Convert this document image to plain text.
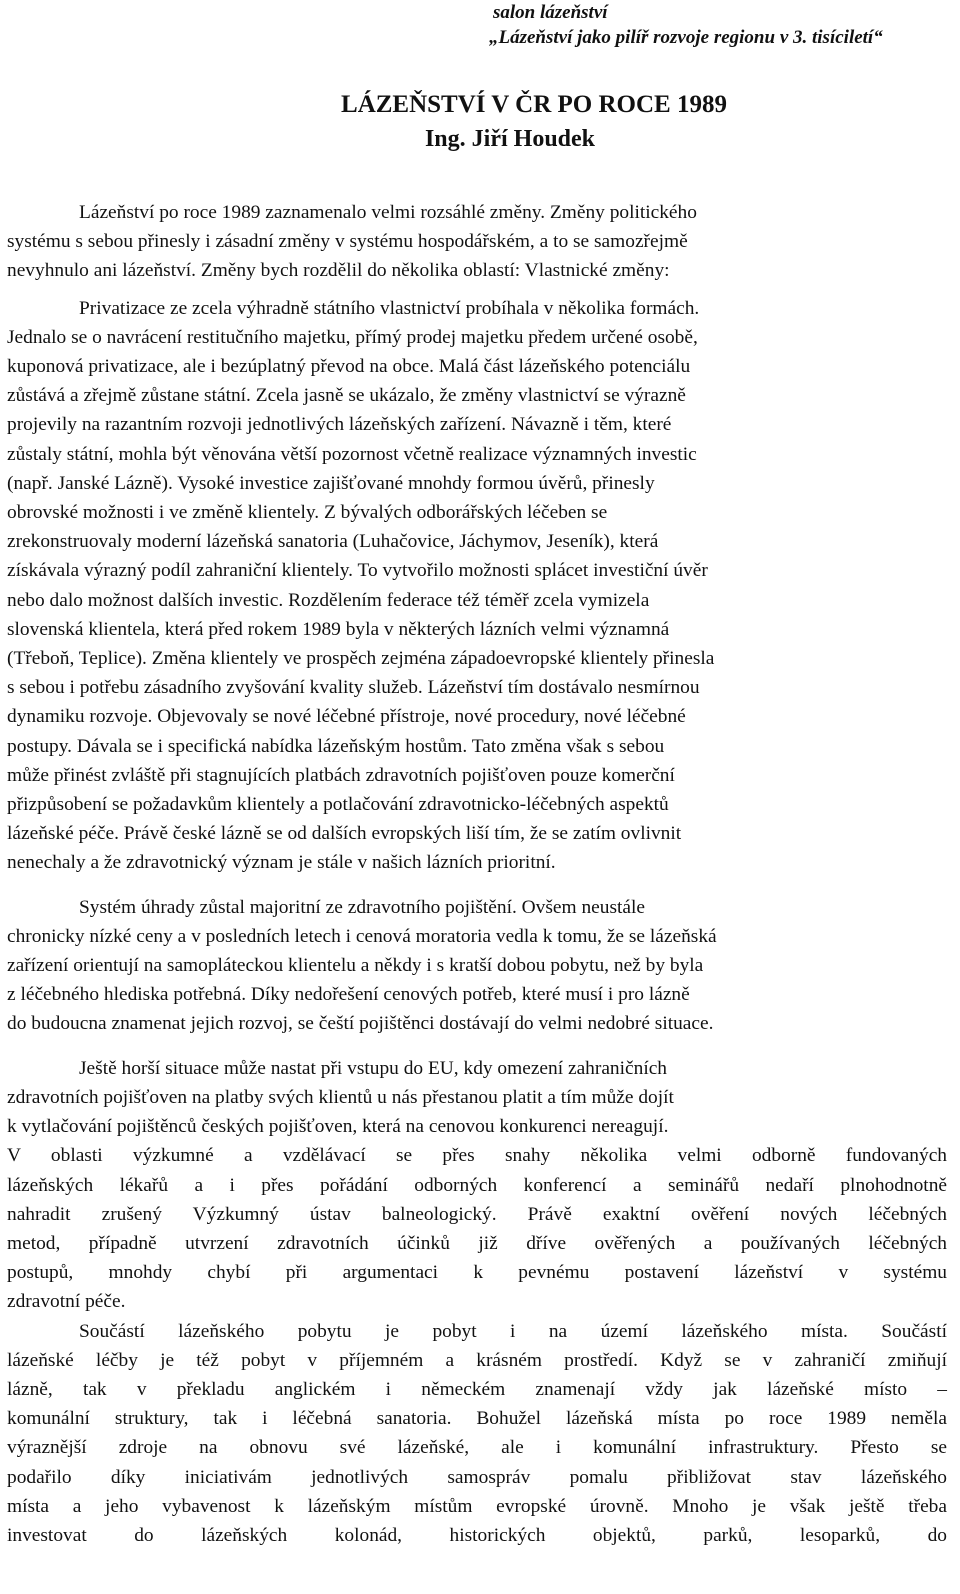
salon lázeňství
„Lázeňství jako pilíř rozvoje regionu v 3. tisíciletí“
LÁZEŇSTVÍ V ČR PO ROCE 1989
Ing. Jiří Houdek

Lázeňství po roce 1989 zaznamenalo velmi rozsáhlé změny. Změny politického
systému s sebou přinesly i zásadní změny v systému hospodářském, a to se samozřejmě
nevyhnulo ani lázeňství. Změny bych rozdělil do několika oblastí: Vlastnické změny:

Privatizace ze zcela výhradně státního vlastnictví probíhala v několika formách.
Jednalo se o navrácení restitučního majetku, přímý prodej majetku předem určené osobě,
kuponová privatizace, ale i bezúplatný převod na obce. Malá část lázeňského potenciálu
zůstává a zřejmě zůstane státní. Zcela jasně se ukázalo, že změny vlastnictví se výrazně
projevily na razantním rozvoji jednotlivých lázeňských zařízení. Návazně i těm, které
zůstaly státní, mohla být věnována větší pozornost včetně realizace významných investic
(např. Janské Lázně). Vysoké investice zajišťované mnohdy formou úvěrů, přinesly
obrovské možnosti i ve změně klientely. Z bývalých odborářských léčeben se
zrekonstruovaly moderní lázeňská sanatoria (Luhačovice, Jáchymov, Jeseník), která
získávala výrazný podíl zahraniční klientely. To vytvořilo možnosti splácet investiční úvěr
nebo dalo možnost dalších investic. Rozdělením federace též téměř zcela vymizela
slovenská klientela, která před rokem 1989 byla v některých lázních velmi významná
(Třeboň, Teplice). Změna klientely ve prospěch zejména západoevropské klientely přinesla
s sebou i potřebu zásadního zvyšování kvality služeb. Lázeňství tím dostávalo nesmírnou
dynamiku rozvoje. Objevovaly se nové léčebné přístroje, nové procedury, nové léčebné
postupy. Dávala se i specifická nabídka lázeňským hostům. Tato změna však s sebou
může přinést zvláště při stagnujících platbách zdravotních pojišťoven pouze komerční
přizpůsobení se požadavkům klientely a potlačování zdravotnicko-léčebných aspektů
lázeňské péče. Právě české lázně se od dalších evropských liší tím, že se zatím ovlivnit
nenechaly a že zdravotnický význam je stále v našich lázních prioritní.

Systém úhrady zůstal majoritní ze zdravotního pojištění. Ovšem neustále
chronicky nízké ceny a v posledních letech i cenová moratoria vedla k tomu, že se lázeňská
zařízení orientují na samopláteckou klientelu a někdy i s kratší dobou pobytu, než by byla
z léčebného hlediska potřebná. Díky nedořešení cenových potřeb, které musí i pro lázně
do budoucna znamenat jejich rozvoj, se čeští pojištěnci dostávají do velmi nedobré situace.

Ještě horší situace může nastat při vstupu do EU, kdy omezení zahraničních
zdravotních pojišťoven na platby svých klientů u nás přestanou platit a tím může dojít
k vytlačování pojištěnců českých pojišťoven, která na cenovou konkurenci nereagují.
V oblasti výzkumné a vzdělávací se přes snahy několika velmi odborně fundovaných
lázeňských lékařů a i přes pořádání odborných konferencí a seminářů nedaří plnohodnotně
nahradit zrušený Výzkumný ústav balneologický. Právě exaktní ověření nových léčebných
metod, případně utvrzení zdravotních účinků již dříve ověřených a používaných léčebných
postupů, mnohdy chybí při argumentaci k pevnému postavení lázeňství v systému
zdravotní péče.

Součástí lázeňského pobytu je pobyt i na území lázeňského místa. Součástí
lázeňské léčby je též pobyt v příjemném a krásném prostředí. Když se v zahraničí zmiňují
lázně, tak v překladu anglickém i německém znamenají vždy jak lázeňské místo –
komunální struktury, tak i léčebná sanatoria. Bohužel lázeňská místa po roce 1989 neměla
výraznější zdroje na obnovu své lázeňské, ale i komunální infrastruktury. Přesto se
podařilo díky iniciativám jednotlivých samospráv pomalu přibližovat stav lázeňského
místa a jeho vybavenost k lázeňským místům evropské úrovně. Mnoho je však ještě třeba
investovat do lázeňských kolonád, historických objektů, parků, lesoparků, do
